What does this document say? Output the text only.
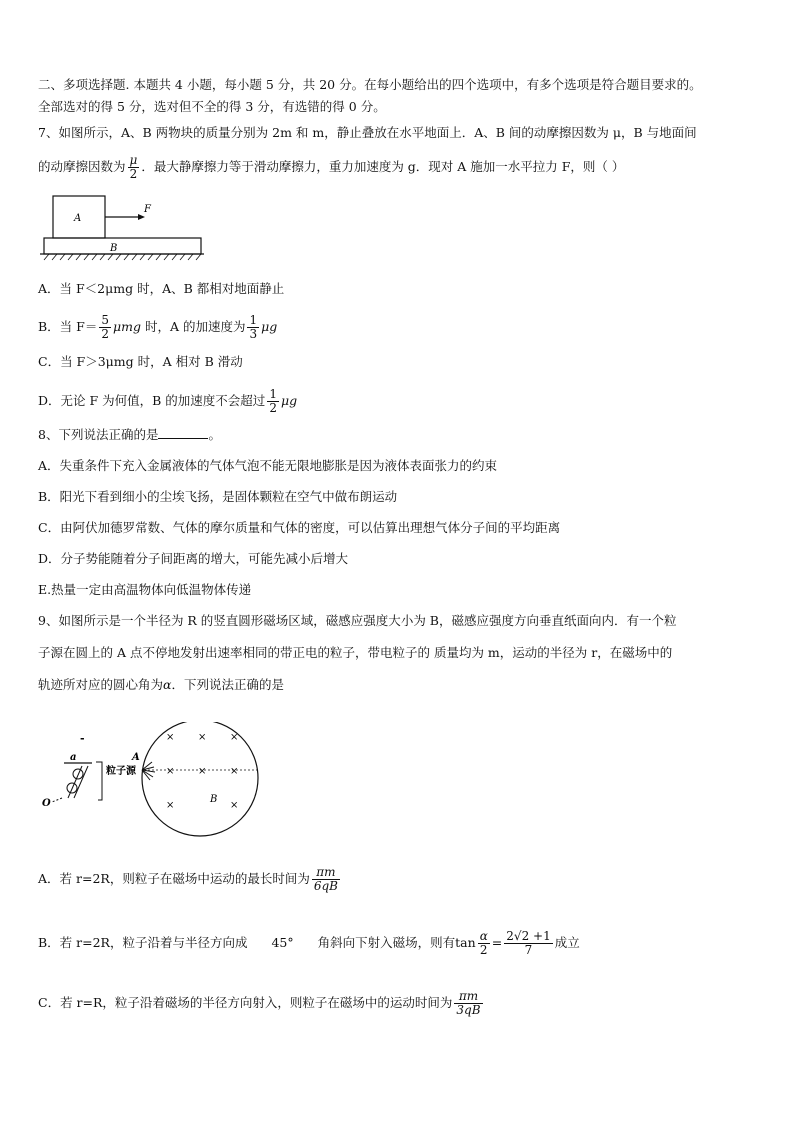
二、多项选择题. 本题共 4 小题，每小题 5 分，共 20 分。在每小题给出的四个选项中，有多个选项是符合题目要求的。
全部选对的得 5 分，选对但不全的得 3 分，有选错的得 0 分。
7、如图所示，A、B 两物块的质量分别为 2m 和 m，静止叠放在水平地面上．A、B 间的动摩擦因数为 μ，B 与地面间
的动摩擦因数为 $\frac{\mu}{2}$ ．最大静摩擦力等于滑动摩擦力，重力加速度为 g．现对 A 施加一水平拉力 F，则（ ）
A
F
B
A．当 F＜2μmg 时，A、B 都相对地面静止
B．当 $F= \frac{5}{2}$ μmg 时，A 的加速度为 $\frac{1}{3}$ μg
C．当 F＞3μmg 时，A 相对 B 滑动
D．无论 F 为何值，B 的加速度不会超过 $\frac{1}{2}$ μg
8、下列说法正确的是	。
A．失重条件下充入金属液体的气体气泡不能无限地膨胀是因为液体表面张力的约束
B．阳光下看到细小的尘埃飞扬，是固体颗粒在空气中做布朗运动
C．由阿伏加德罗常数、气体的摩尔质量和气体的密度，可以估算出理想气体分子间的平均距离
D．分子势能随着分子间距离的增大，可能先减小后增大
E.热量一定由高温物体向低温物体传递
9、如图所示是一个半径为 R 的竖直圆形磁场区域，磁感应强度大小为 B，磁感应强度方向垂直纸面向内．有一个粒
子源在圆上的 A 点不停地发射出速率相同的带正电的粒子，带电粒子的 质量均为 m，运动的半径为 r，在磁场中的
轨迹所对应的圆心角为α．下列说法正确的是
× × ×
× × ×
×	×
B
A
粒子源
-
a
O
A．若 r=2R，则粒子在磁场中运动的最长时间为 $\frac{\pi m}{6qB}$
B．若 r=2R，粒子沿着与半径方向成 45° 角斜向下射入磁场，则有$\tan \frac{\alpha}{2} = \frac{2√2 +1}{7}$ 成立
C．若 r=R，粒子沿着磁场的半径方向射入，则粒子在磁场中的运动时间为 $\frac{\pi m}{3qB}$
